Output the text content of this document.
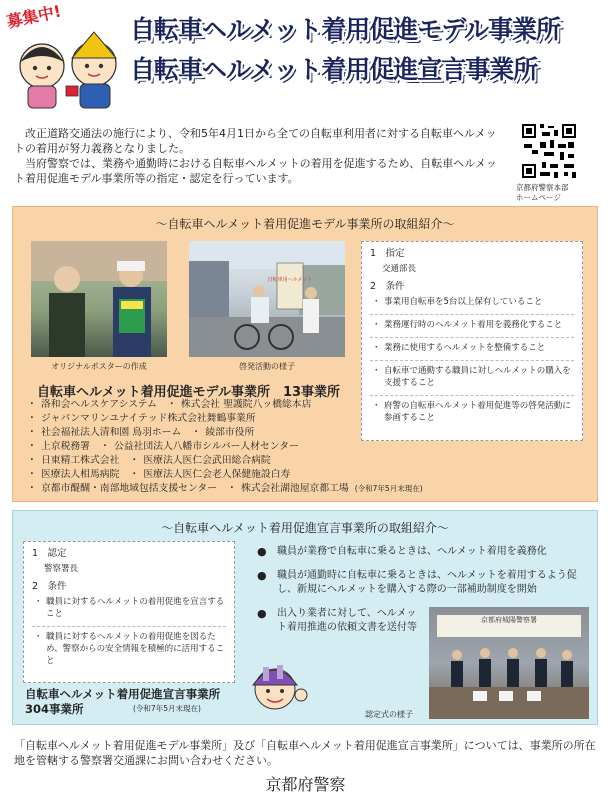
募集中!	自転車ヘルメット着用促進モデル事業所
自転車ヘルメット着用促進宣言事業所

改正道路交通法の施行により、令和5年4月1日から全ての自転車利用者に対する自転車ヘルメットの着用が努力義務となりました。

当府警察では、業務や通勤時における自転車ヘルメットの着用を促進するため、自転車ヘルメット着用促進モデル事業所等の指定・認定を行っています。

京都府警察本部
ホームページ
～自転車ヘルメット着用促進モデル事業所の取組紹介～
オリジナルポスターの作成
自転車用ヘルメット
啓発活動の様子
1　指定
交通部長
2　条件
・ 事業用自転車を5台以上保有していること
・ 業務運行時のヘルメット着用を義務化すること
・ 業務に使用するヘルメットを整備すること
・ 自転車で通勤する職員に対しヘルメットの購入を支援すること
・ 府警の自転車ヘルメット着用促進等の啓発活動に参画すること
自転車ヘルメット着用促進モデル事業所　13事業所
・ 洛和会ヘルスケアシステム ・ 株式会社 聖護院八ッ橋総本店
・ ジャパンマリンユナイテッド株式会社舞鶴事業所
・ 社会福祉法人清和園 鳥羽ホーム ・ 綾部市役所
・ 上京税務署 ・ 公益社団法人八幡市シルバー人材センター
・ 日東精工株式会社 ・ 医療法人医仁会武田総合病院
・ 医療法人相馬病院 ・ 医療法人医仁会老人保健施設白寿
・ 京都市醍醐・南部地域包括支援センター ・ 株式会社湖池屋京都工場 (令和7年5月末現在)
～自転車ヘルメット着用促進宣言事業所の取組紹介～
1　認定
警察署長
2　条件
・ 職員に対するヘルメットの着用促進を宣言すること
・ 職員に対するヘルメットの着用促進を図るため、警察からの安全情報を積極的に活用すること
● 職員が業務で自転車に乗るときは、ヘルメット着用を義務化
● 職員が通勤時に自転車に乗るときは、ヘルメットを着用するよう促し、新規にヘルメットを購入する際の一部補助制度を開始
● 出入り業者に対して、ヘルメット着用推進の依頼文書を送付等
京都府城陽警察署
認定式の様子
自転車ヘルメット着用促進宣言事業所
304事業所	(令和7年5月末現在)
「自転車ヘルメット着用促進モデル事業所」及び「自転車ヘルメット着用促進宣言事業所」については、事業所の所在地を管轄する警察署交通課にお問い合わせください。
京都府警察
